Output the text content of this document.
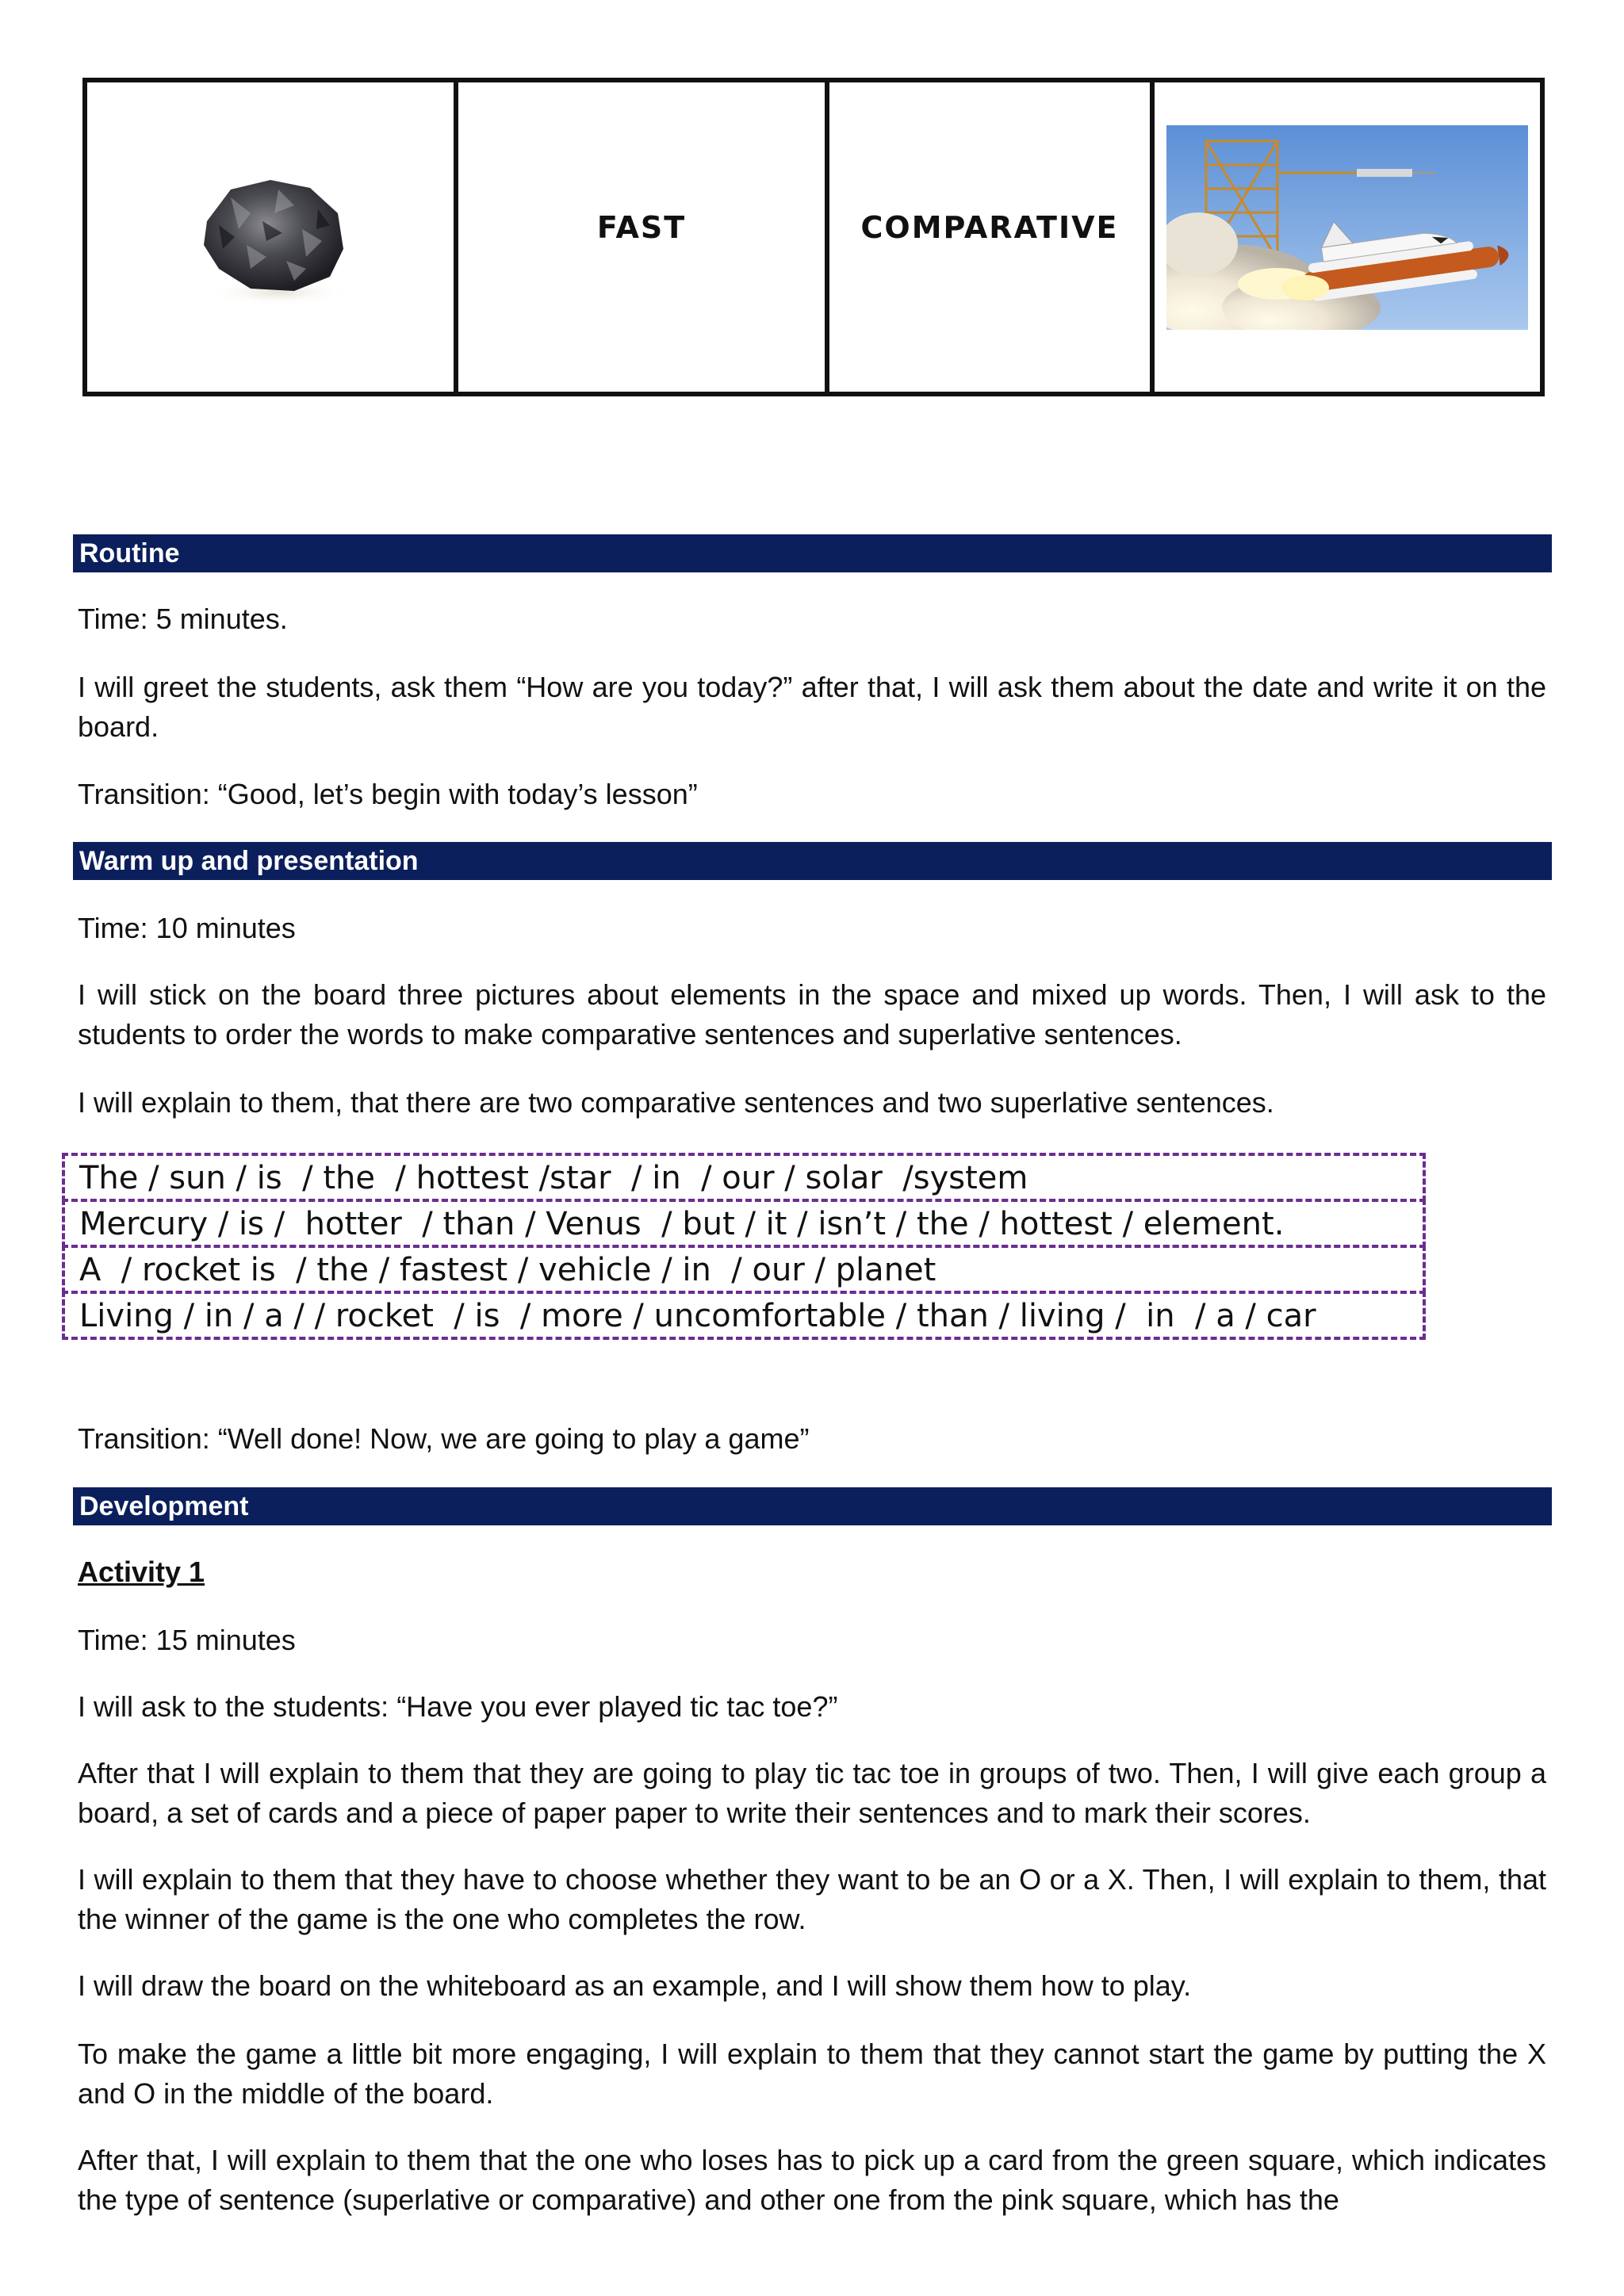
FAST	COMPARATIVE
Routine

Time: 5 minutes.

I will greet the students, ask them “How are you today?” after that, I will ask them about the date and write it on the board.

Transition: “Good, let’s begin with today’s lesson”

Warm up and presentation

Time: 10 minutes

I will stick on the board three pictures about elements in the space and mixed up words. Then, I will ask to the students to order the words to make comparative sentences and superlative sentences.

I will explain to them, that there are two comparative sentences and two superlative sentences.

The / sun / is  / the  / hottest /star  / in  / our / solar  /system
Mercury / is /  hotter  / than / Venus  / but / it / isn’t / the / hottest / element.
A  / rocket is  / the / fastest / vehicle / in  / our / planet
Living / in / a / / rocket  / is  / more / uncomfortable / than / living /  in  / a / car

Transition: “Well done! Now, we are going to play a game”

Development

Activity 1

Time: 15 minutes

I will ask to the students: “Have you ever played tic tac toe?”

After that I will explain to them that they are going to play tic tac toe in groups of two. Then, I will give each group a board, a set of cards and a piece of paper paper to write their sentences and to mark their scores.

I will explain to them that they have to choose whether they want to be an O or a X. Then, I will explain to them, that the winner of the game is the one who completes the row.

I will draw the board on the whiteboard as an example, and I will show them how to play.

To make the game a little bit more engaging, I will explain to them that they cannot start the game by putting the X and O in the middle of the board.

After that, I will explain to them that the one who loses has to pick up a card from the green square, which indicates the type of sentence (superlative or comparative) and other one from the pink square, which has the
